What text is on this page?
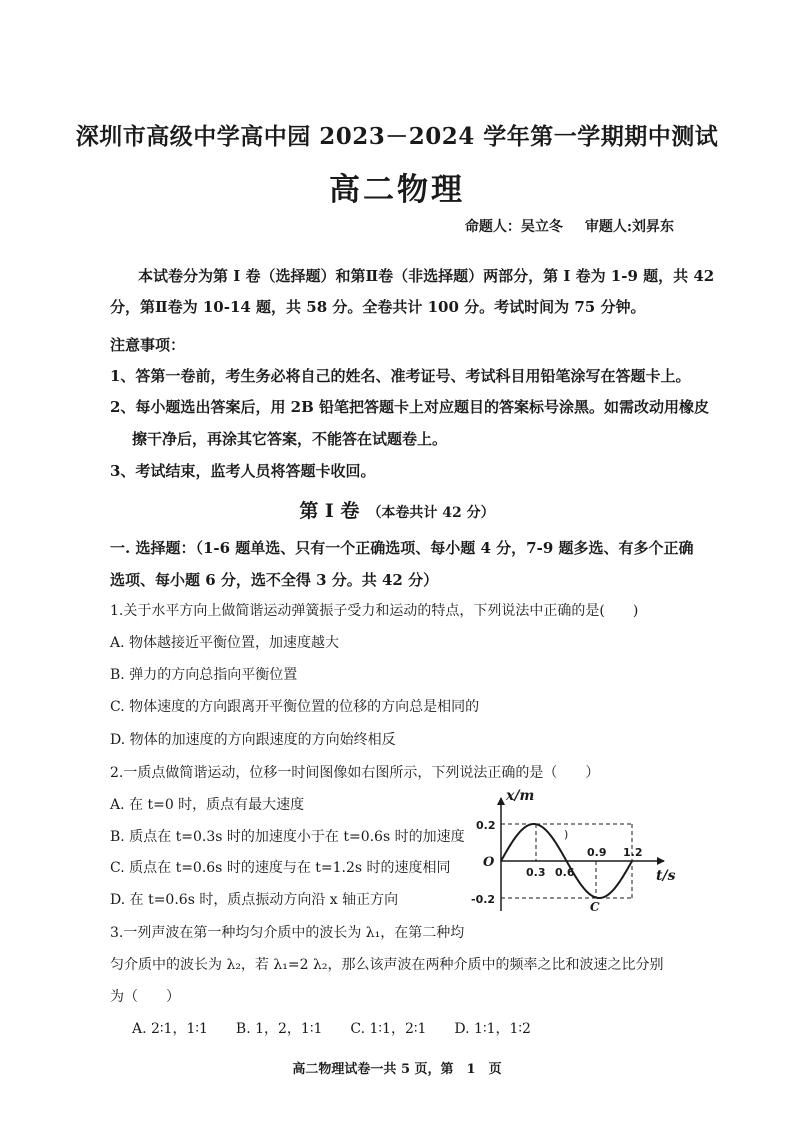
深圳市高级中学高中园 2023－2024 学年第一学期期中测试
高二物理
命题人：吴立冬 审题人:刘昇东
本试卷分为第 I 卷（选择题）和第Ⅱ卷（非选择题）两部分，第 I 卷为 1-9 题，共 42
分，第Ⅱ卷为 10-14 题，共 58 分。全卷共计 100 分。考试时间为 75 分钟。
注意事项：
1、答第一卷前，考生务必将自己的姓名、准考证号、考试科目用铅笔涂写在答题卡上。
2、每小题选出答案后，用 2B 铅笔把答题卡上对应题目的答案标号涂黑。如需改动用橡皮
擦干净后，再涂其它答案，不能答在试题卷上。
3、考试结束，监考人员将答题卡收回。
第 I 卷 （本卷共计 42 分）
一. 选择题：（1-6 题单选、只有一个正确选项、每小题 4 分，7-9 题多选、有多个正确
选项、每小题 6 分，选不全得 3 分。共 42 分）
1.关于水平方向上做简谐运动弹簧振子受力和运动的特点，下列说法中正确的是(　　)
A. 物体越接近平衡位置，加速度越大
B. 弹力的方向总指向平衡位置
C. 物体速度的方向跟离开平衡位置的位移的方向总是相同的
D. 物体的加速度的方向跟速度的方向始终相反
2.一质点做简谐运动，位移一时间图像如右图所示，下列说法正确的是（　　）
A. 在 t=0 时，质点有最大速度
B. 质点在 t=0.3s 时的加速度小于在 t=0.6s 时的加速度
C. 质点在 t=0.6s 时的速度与在 t=1.2s 时的速度相同
D. 在 t=0.6s 时，质点振动方向沿 x 轴正方向
x/m
t/s
O
0.2
-0.2
0.3 0.6
0.9 1.2
C
)
3.一列声波在第一种均匀介质中的波长为 λ₁，在第二种均
匀介质中的波长为 λ₂，若 λ₁=2 λ₂，那么该声波在两种介质中的频率之比和波速之比分别
为（　　）
A. 2∶1，1∶1　　B. 1，2，1∶1　　C. 1∶1，2∶1　　D. 1∶1，1∶2
高二物理试卷一共 5 页，第　1　页
